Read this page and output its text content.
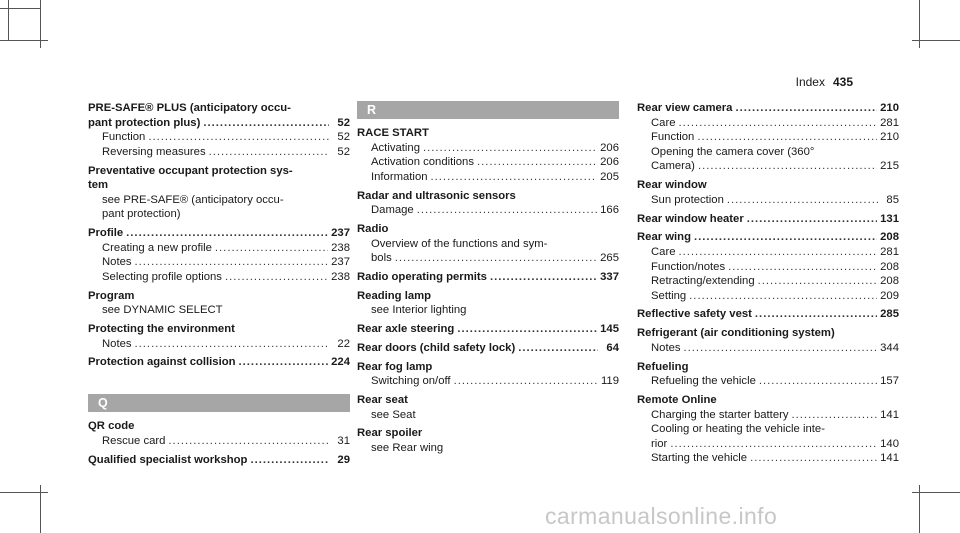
Index 435
PRE-SAFE® PLUS (anticipatory occu-
pant protection plus) .....	52
Function .....	52
Reversing measures .....	52
Preventative occupant protection sys-
tem
see PRE-SAFE® (anticipatory occu-
pant protection)
Profile .....	237
Creating a new profile .....	238
Notes .....	237
Selecting profile options .....	238
Program
see DYNAMIC SELECT
Protecting the environment
Notes .....	22
Protection against collision .....	224
Q
QR code
Rescue card .....	31
Qualified specialist workshop .....	29
R
RACE START
Activating .....	206
Activation conditions .....	206
Information .....	205
Radar and ultrasonic sensors
Damage .....	166
Radio
Overview of the functions and sym-
bols .....	265
Radio operating permits .....	337
Reading lamp
see Interior lighting
Rear axle steering .....	145
Rear doors (child safety lock) .....	64
Rear fog lamp
Switching on/off .....	119
Rear seat
see Seat
Rear spoiler
see Rear wing
Rear view camera .....	210
Care .....	281
Function .....	210
Opening the camera cover (360°
Camera) .....	215
Rear window
Sun protection .....	85
Rear window heater .....	131
Rear wing .....	208
Care .....	281
Function/notes .....	208
Retracting/extending .....	208
Setting .....	209
Reflective safety vest .....	285
Refrigerant (air conditioning system)
Notes .....	344
Refueling
Refueling the vehicle .....	157
Remote Online
Charging the starter battery .....	141
Cooling or heating the vehicle inte-
rior .....	140
Starting the vehicle .....	141
carmanualsonline.info
